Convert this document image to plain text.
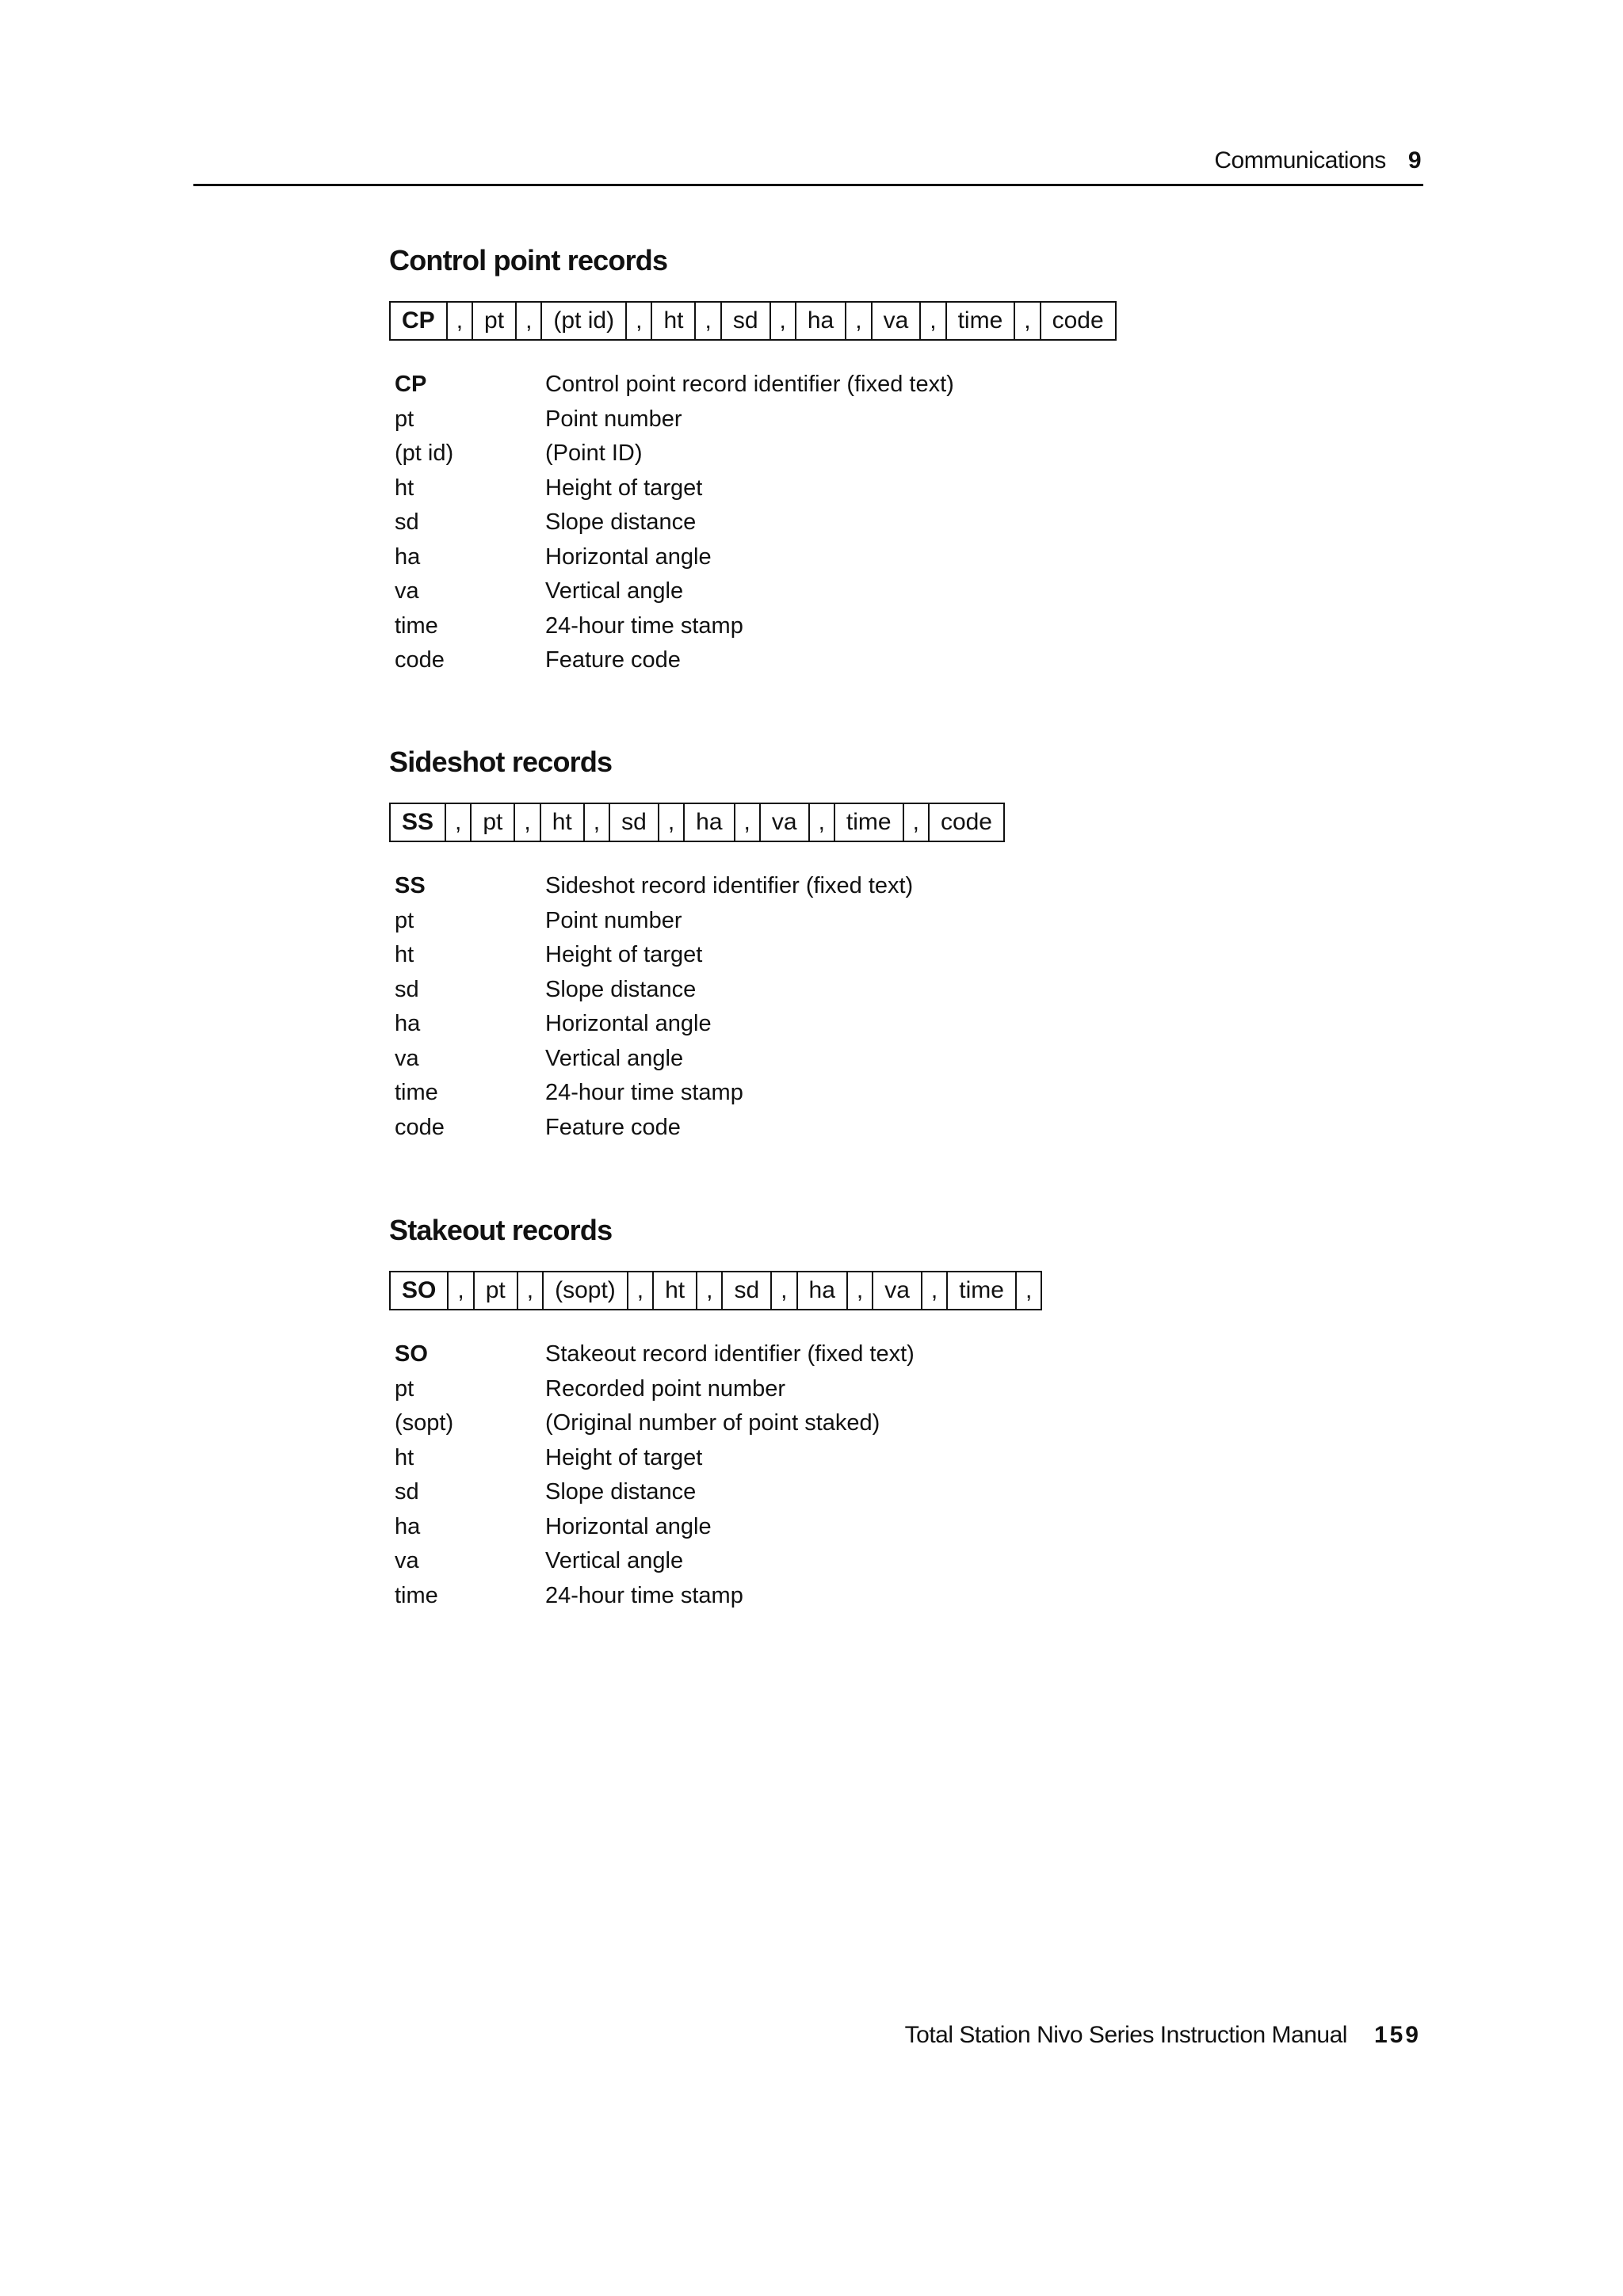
Communications 9
Control point records
CP , pt , (pt id) , ht , sd , ha , va , time , code
CP	Control point record identifier (fixed text)
pt	Point number
(pt id)	(Point ID)
ht	Height of target
sd	Slope distance
ha	Horizontal angle
va	Vertical angle
time	24-hour time stamp
code	Feature code
Sideshot records
SS , pt , ht , sd , ha , va , time , code
SS	Sideshot record identifier (fixed text)
pt	Point number
ht	Height of target
sd	Slope distance
ha	Horizontal angle
va	Vertical angle
time	24-hour time stamp
code	Feature code
Stakeout records
SO , pt , (sopt) , ht , sd , ha , va , time ,
SO	Stakeout record identifier (fixed text)
pt	Recorded point number
(sopt)	(Original number of point staked)
ht	Height of target
sd	Slope distance
ha	Horizontal angle
va	Vertical angle
time	24-hour time stamp
Total Station Nivo Series Instruction Manual 159
